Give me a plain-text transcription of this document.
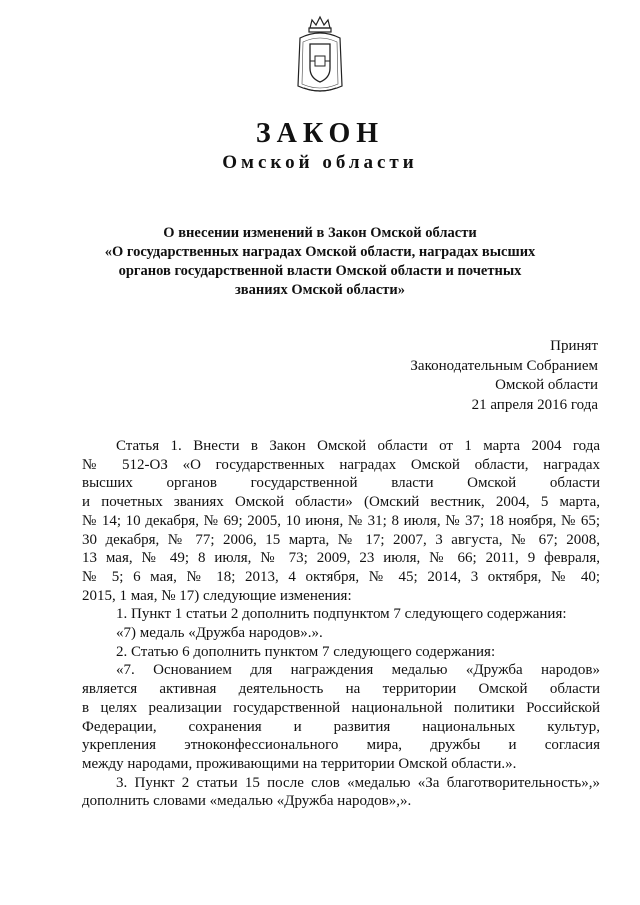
ЗАКОН
Омской области
О внесении изменений в Закон Омской области
«О государственных наградах Омской области, наградах высших
органов государственной власти Омской области и почетных
званиях Омской области»
Принят
Законодательным Собранием
Омской области
21 апреля 2016 года

Статья 1. Внести в Закон Омской области от 1 марта 2004 года

№ 512-ОЗ «О государственных наградах Омской области, наградах

высших органов государственной власти Омской области

и почетных званиях Омской области» (Омский вестник, 2004, 5 марта,

№ 14; 10 декабря, № 69; 2005, 10 июня, № 31; 8 июля, № 37; 18 ноября, № 65;

30 декабря, № 77; 2006, 15 марта, № 17; 2007, 3 августа, № 67; 2008,

13 мая, № 49; 8 июля, № 73; 2009, 23 июля, № 66; 2011, 9 февраля,

№ 5; 6 мая, № 18; 2013, 4 октября, № 45; 2014, 3 октября, № 40;

2015, 1 мая, № 17) следующие изменения:

1. Пункт 1 статьи 2 дополнить подпунктом 7 следующего содержания:

«7) медаль «Дружба народов».».

2. Статью 6 дополнить пунктом 7 следующего содержания:

«7. Основанием для награждения медалью «Дружба народов»

является активная деятельность на территории Омской области

в целях реализации государственной национальной политики Российской

Федерации, сохранения и развития национальных культур,

укрепления этноконфессионального мира, дружбы и согласия

между народами, проживающими на территории Омской области.».

3. Пункт 2 статьи 15 после слов «медалью «За благотворительность»,»

дополнить словами «медалью «Дружба народов»,».
